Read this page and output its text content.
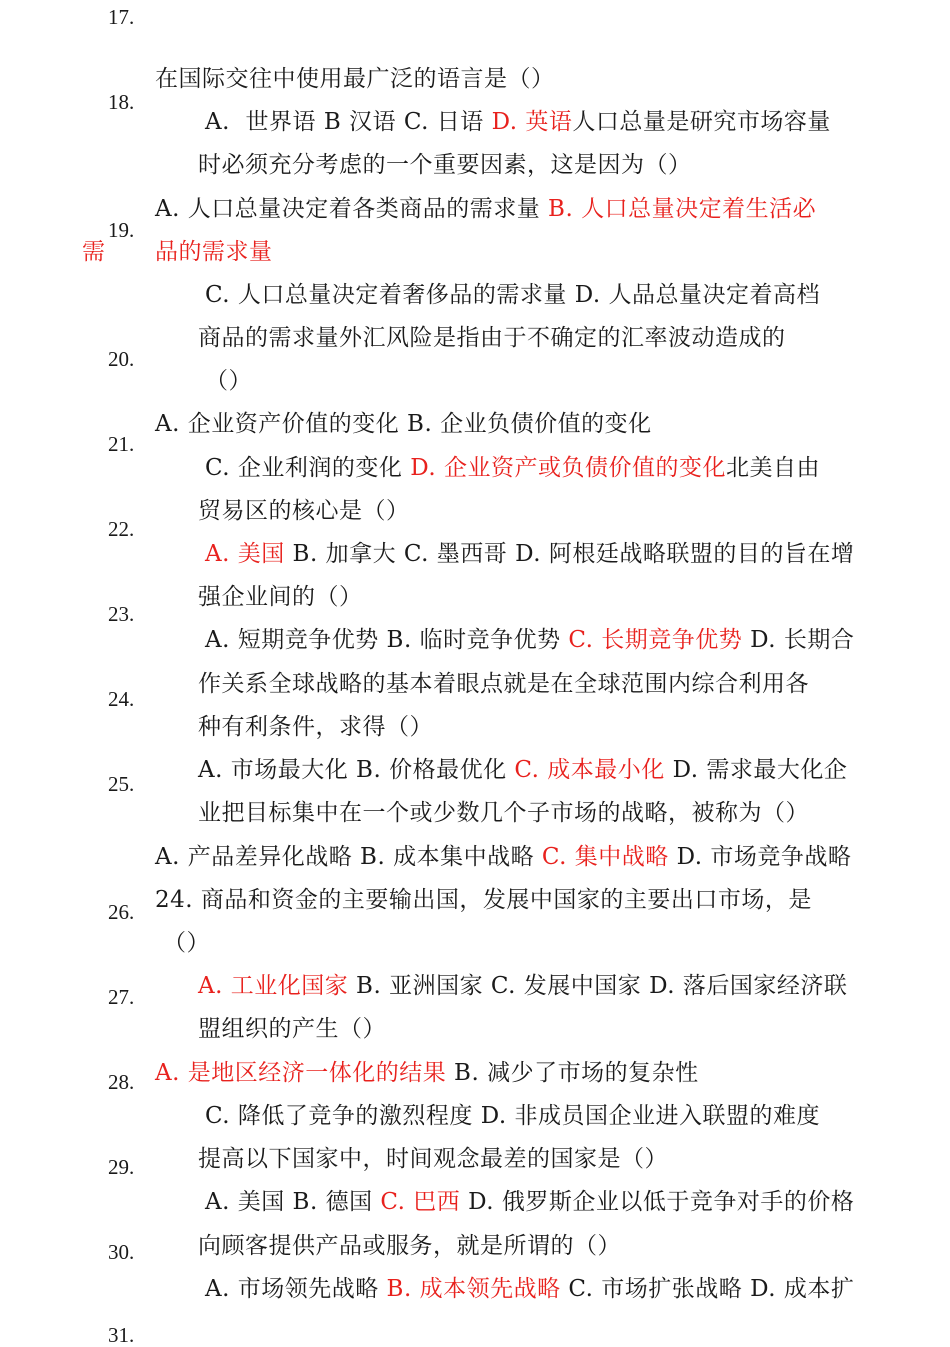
17.
18.
19.
20.
21.
22.
23.
24.
25.
26.
27.
28.
29.
30.
31.
在国际交往中使用最广泛的语言是（）
A.  世界语 B 汉语 C. 日语 D. 英语人口总量是研究市场容量
时必须充分考虑的一个重要因素，这是因为（）
A. 人口总量决定着各类商品的需求量 B. 人口总量决定着生活必
需 品的需求量
C. 人口总量决定着奢侈品的需求量 D. 人品总量决定着高档
商品的需求量外汇风险是指由于不确定的汇率波动造成的
（）
A. 企业资产价值的变化 B. 企业负债价值的变化
C. 企业利润的变化 D. 企业资产或负债价值的变化北美自由
贸易区的核心是（）
A. 美国 B. 加拿大 C. 墨西哥 D. 阿根廷战略联盟的目的旨在增
强企业间的（）
A. 短期竞争优势 B. 临时竞争优势 C. 长期竞争优势 D. 长期合
作关系全球战略的基本着眼点就是在全球范围内综合利用各
种有利条件，求得（）
A. 市场最大化 B. 价格最优化 C. 成本最小化 D. 需求最大化企
业把目标集中在一个或少数几个子市场的战略，被称为（）
A. 产品差异化战略 B. 成本集中战略 C. 集中战略 D. 市场竞争战略
24. 商品和资金的主要输出国，发展中国家的主要出口市场，是
（）
A. 工业化国家 B. 亚洲国家 C. 发展中国家 D. 落后国家经济联
盟组织的产生（）
A. 是地区经济一体化的结果 B. 减少了市场的复杂性
C. 降低了竞争的激烈程度 D. 非成员国企业进入联盟的难度
提高以下国家中，时间观念最差的国家是（）
A. 美国 B. 德国 C. 巴西 D. 俄罗斯企业以低于竞争对手的价格
向顾客提供产品或服务，就是所谓的（）
A. 市场领先战略 B. 成本领先战略 C. 市场扩张战略 D. 成本扩
